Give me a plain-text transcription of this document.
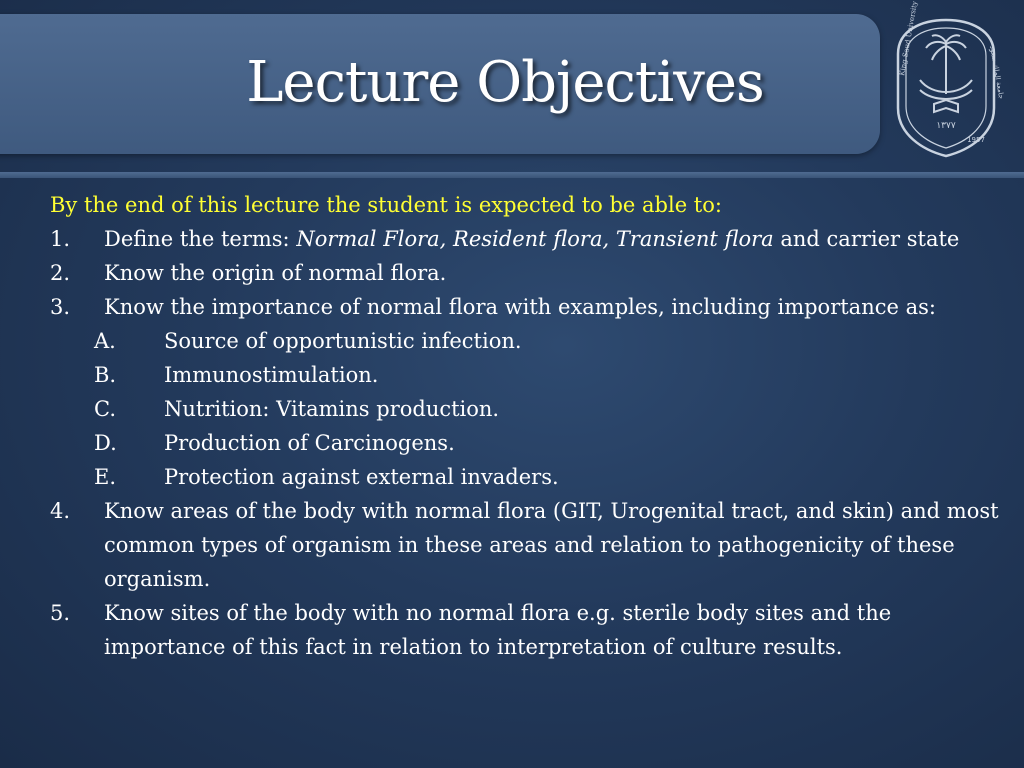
Lecture Objectives
١٣٧٧
1957
King Saud University	جامعة الملك سعود

By the end of this lecture the student is expected to be able to:

1. Define the terms: Normal Flora, Resident flora, Transient flora and carrier state

2. Know the origin of normal flora.

3. Know the importance of normal flora with examples, including importance as:

A. Source of opportunistic infection.

B. Immunostimulation.

C. Nutrition: Vitamins production.

D. Production of Carcinogens.

E. Protection against external invaders.

4. Know areas of the body with normal flora (GIT, Urogenital tract, and skin) and most common types of organism in these areas and relation to pathogenicity of these organism.

5. Know sites of the body with no normal flora e.g. sterile body sites and the importance of this fact in relation to interpretation of culture results.
